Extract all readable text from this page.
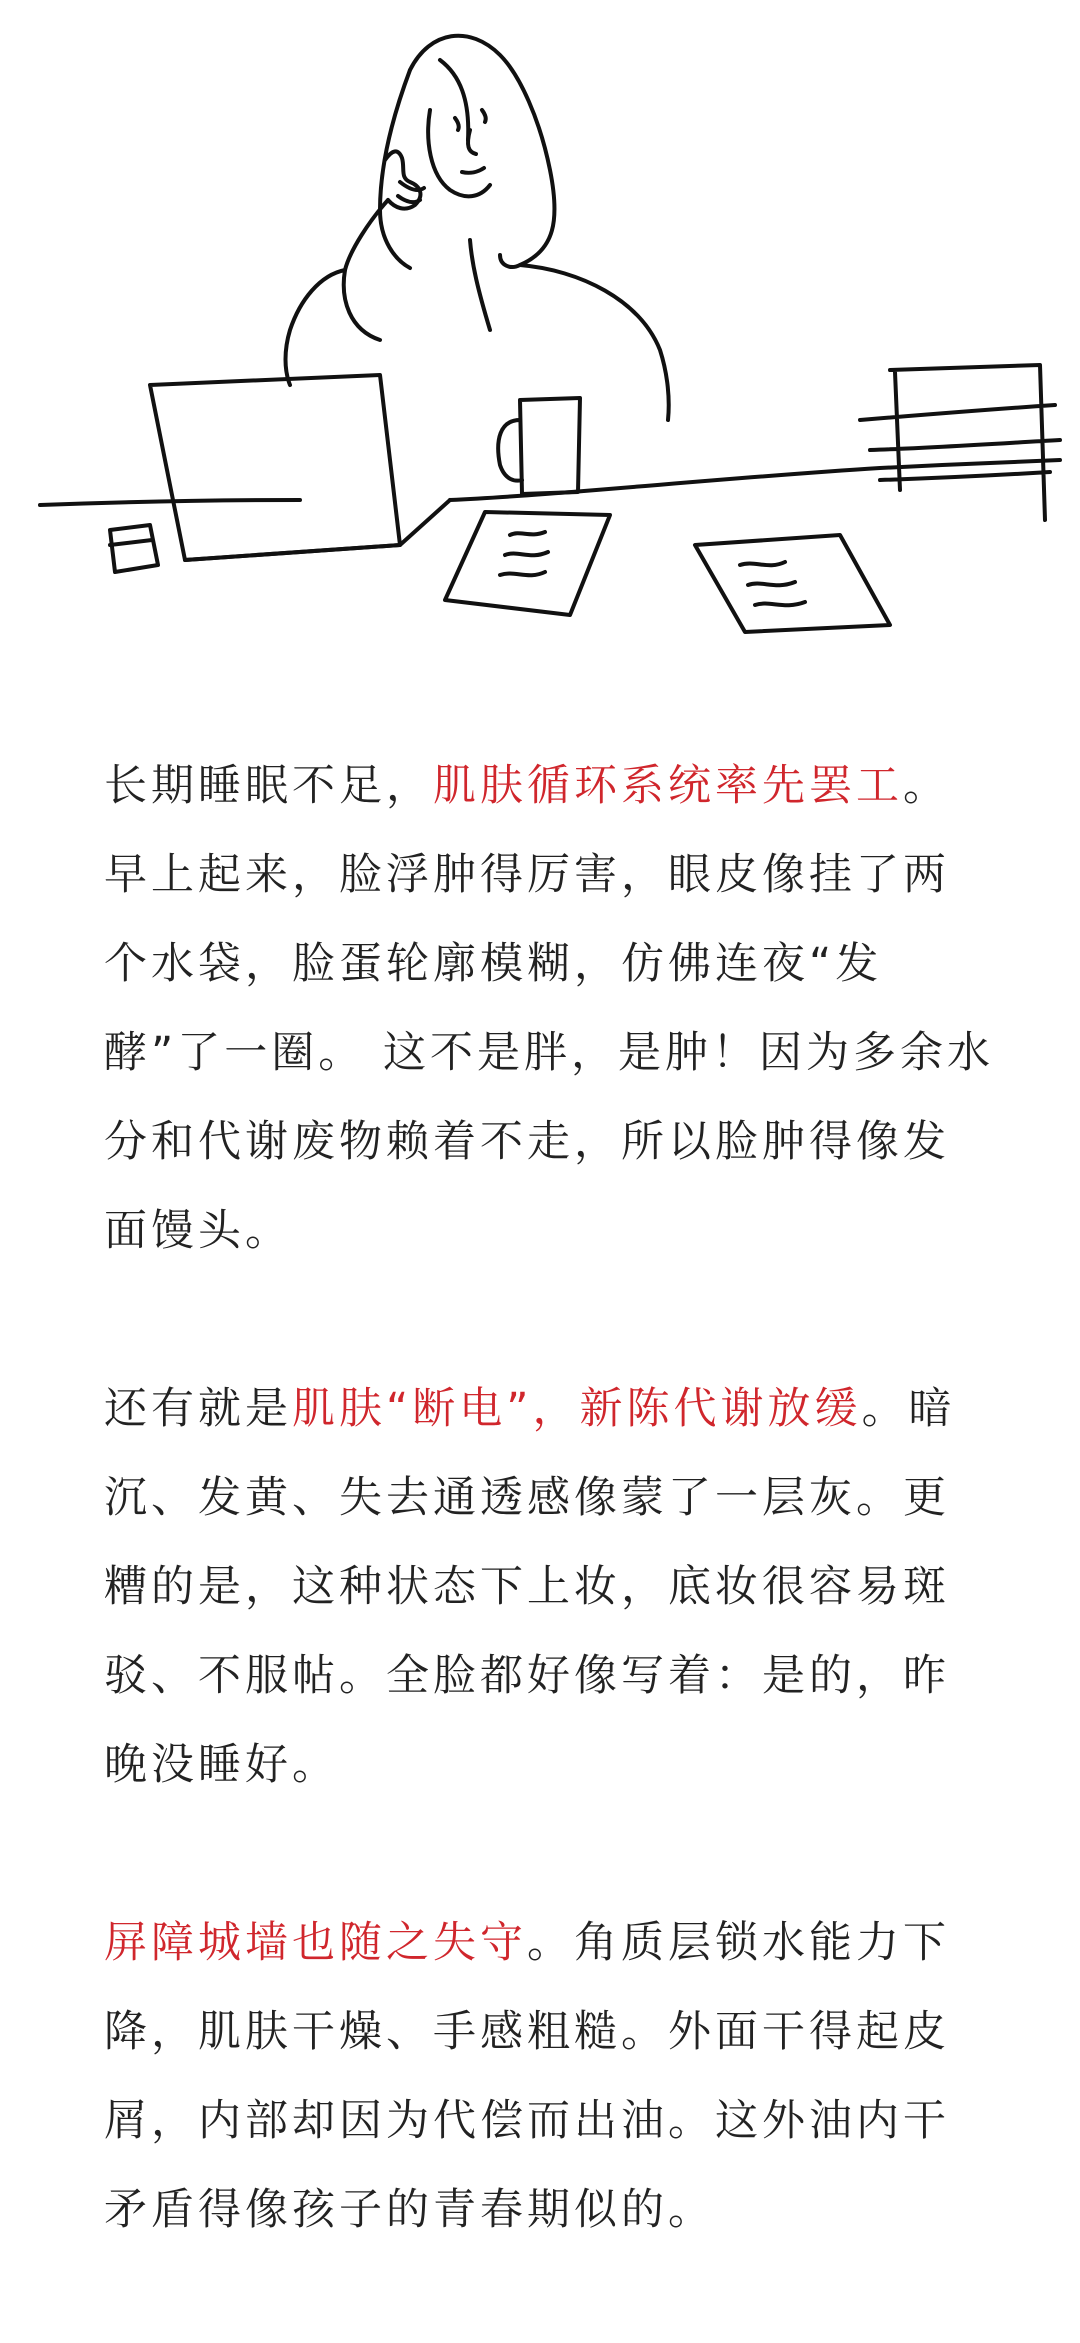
长期睡眠不足，肌肤循环系统率先罢工。早上起来，脸浮肿得厉害，眼皮像挂了两个水袋，脸蛋轮廓模糊，仿佛连夜“发酵”了一圈。 这不是胖，是肿！因为多余水分和代谢废物赖着不走，所以脸肿得像发面馒头。

还有就是肌肤“断电”，新陈代谢放缓。暗沉、发黄、失去通透感像蒙了一层灰。更糟的是，这种状态下上妆，底妆很容易斑驳、不服帖。全脸都好像写着：是的，昨晚没睡好。

屏障城墙也随之失守。角质层锁水能力下降，肌肤干燥、手感粗糙。外面干得起皮屑，内部却因为代偿而出油。这外油内干矛盾得像孩子的青春期似的。
